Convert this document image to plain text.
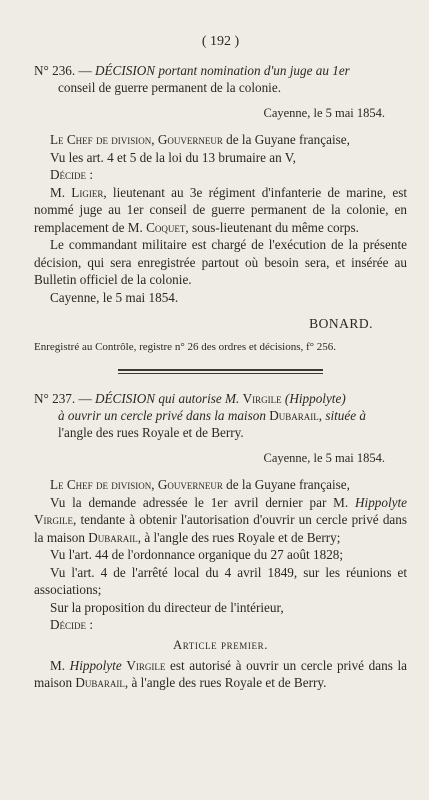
( 192 )

N° 236. — DÉCISION portant nomination d'un juge au 1er

conseil de guerre permanent de la colonie.

Cayenne, le 5 mai 1854.

Le Chef de division, Gouverneur de la Guyane française,

Vu les art. 4 et 5 de la loi du 13 brumaire an V,

Décide :

M. Ligier, lieutenant au 3e régiment d'infanterie de marine, est nommé juge au 1er conseil de guerre permanent de la colonie, en remplacement de M. Coquet, sous-lieutenant du même corps.

Le commandant militaire est chargé de l'exécution de la présente décision, qui sera enregistrée partout où besoin sera, et insérée au Bulletin officiel de la colonie.

Cayenne, le 5 mai 1854.

BONARD.

Enregistré au Contrôle, registre n° 26 des ordres et décisions, f° 256.

N° 237. — DÉCISION qui autorise M. Virgile (Hippolyte)

à ouvrir un cercle privé dans la maison Dubarail, située à

l'angle des rues Royale et de Berry.

Cayenne, le 5 mai 1854.

Le Chef de division, Gouverneur de la Guyane française,

Vu la demande adressée le 1er avril dernier par M. Hippolyte Virgile, tendante à obtenir l'autorisation d'ouvrir un cercle privé dans la maison Dubarail, à l'angle des rues Royale et de Berry;

Vu l'art. 44 de l'ordonnance organique du 27 août 1828;

Vu l'art. 4 de l'arrêté local du 4 avril 1849, sur les réunions et associations;

Sur la proposition du directeur de l'intérieur,

Décide :

Article premier.

M. Hippolyte Virgile est autorisé à ouvrir un cercle privé dans la maison Dubarail, à l'angle des rues Royale et de Berry.
